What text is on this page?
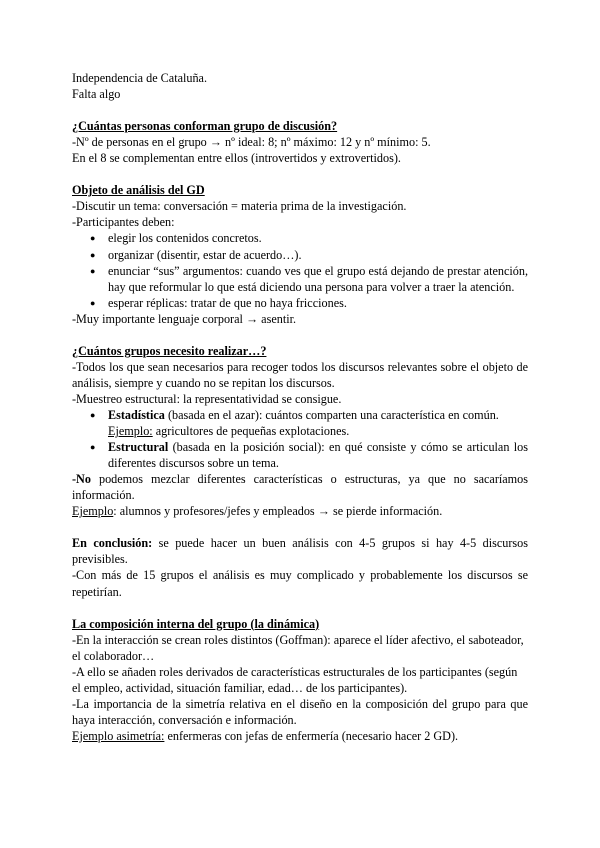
Independencia de Cataluña.

Falta algo

¿Cuántas personas conforman grupo de discusión?

-Nº de personas en el grupo → nº ideal: 8; nº máximo: 12 y nº mínimo: 5.

En el 8 se complementan entre ellos (introvertidos y extrovertidos).

Objeto de análisis del GD

-Discutir un tema: conversación = materia prima de la investigación.

-Participantes deben:

● elegir los contenidos concretos.
● organizar (disentir, estar de acuerdo…).
● enunciar “sus” argumentos: cuando ves que el grupo está dejando de prestar atención, hay que reformular lo que está diciendo una persona para volver a traer la atención.
● esperar réplicas: tratar de que no haya fricciones.

-Muy importante lenguaje corporal → asentir.

¿Cuántos grupos necesito realizar…?

-Todos los que sean necesarios para recoger todos los discursos relevantes sobre el objeto de análisis, siempre y cuando no se repitan los discursos.

-Muestreo estructural: la representatividad se consigue.

● Estadística (basada en el azar): cuántos comparten una característica en común.
Ejemplo: agricultores de pequeñas explotaciones.
● Estructural (basada en la posición social): en qué consiste y cómo se articulan los diferentes discursos sobre un tema.

-No podemos mezclar diferentes características o estructuras, ya que no sacaríamos información.

Ejemplo: alumnos y profesores/jefes y empleados → se pierde información.

En conclusión: se puede hacer un buen análisis con 4-5 grupos si hay 4-5 discursos previsibles.

-Con más de 15 grupos el análisis es muy complicado y probablemente los discursos se repetirían.

La composición interna del grupo (la dinámica)

-En la interacción se crean roles distintos (Goffman): aparece el líder afectivo, el saboteador, el colaborador…

-A ello se añaden roles derivados de características estructurales de los participantes (según el empleo, actividad, situación familiar, edad… de los participantes).

-La importancia de la simetría relativa en el diseño en la composición del grupo para que haya interacción, conversación e información.

Ejemplo asimetría: enfermeras con jefas de enfermería (necesario hacer 2 GD).
